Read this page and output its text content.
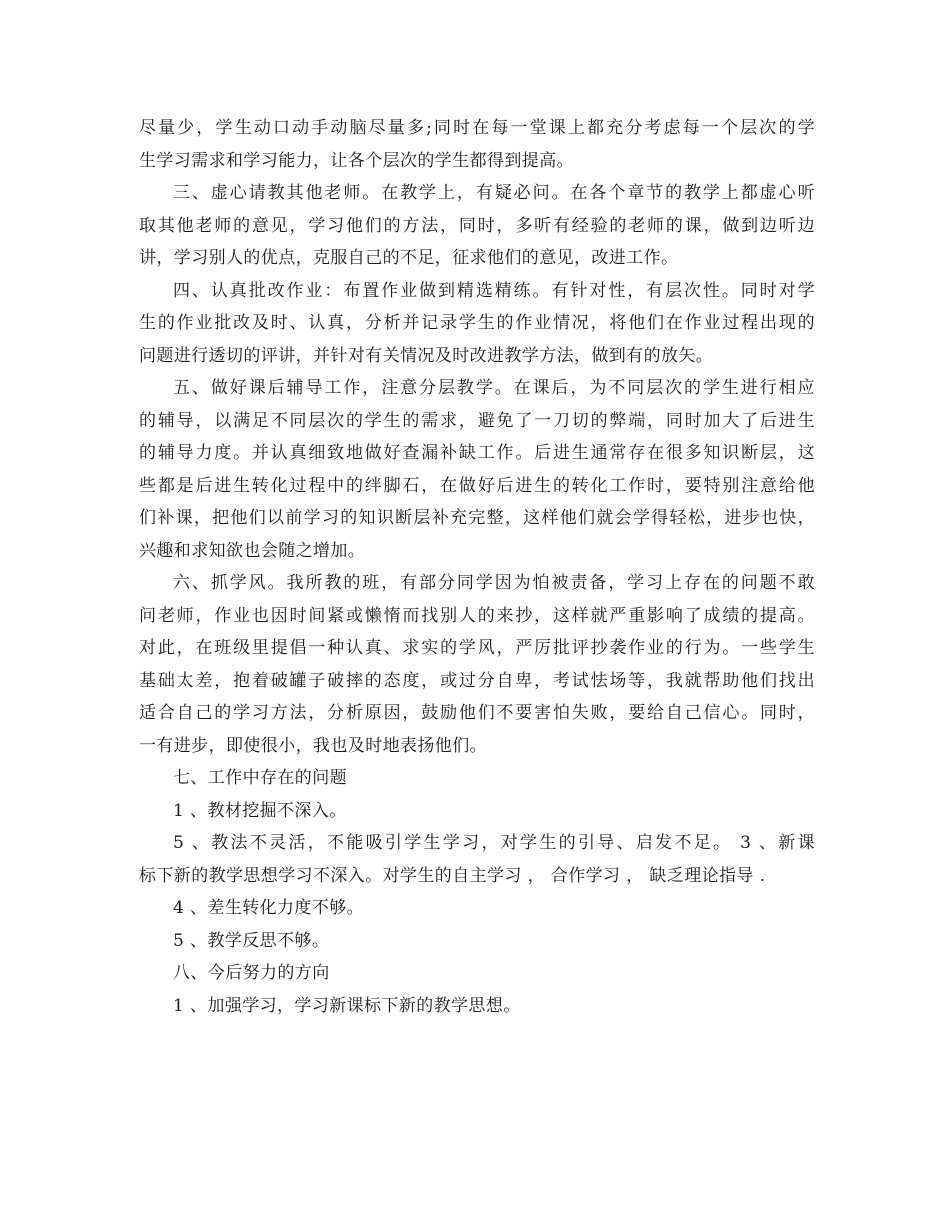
尽量少，学生动口动手动脑尽量多;同时在每一堂课上都充分考虑每一个层次的学
生学习需求和学习能力，让各个层次的学生都得到提高。
三、虚心请教其他老师。在教学上，有疑必问。在各个章节的教学上都虚心听
取其他老师的意见，学习他们的方法，同时，多听有经验的老师的课，做到边听边
讲，学习别人的优点，克服自己的不足，征求他们的意见，改进工作。
四、认真批改作业：布置作业做到精选精练。有针对性，有层次性。同时对学
生的作业批改及时、认真，分析并记录学生的作业情况，将他们在作业过程出现的
问题进行透切的评讲，并针对有关情况及时改进教学方法，做到有的放矢。
五、做好课后辅导工作，注意分层教学。在课后，为不同层次的学生进行相应
的辅导，以满足不同层次的学生的需求，避免了一刀切的弊端，同时加大了后进生
的辅导力度。并认真细致地做好查漏补缺工作。后进生通常存在很多知识断层，这
些都是后进生转化过程中的绊脚石，在做好后进生的转化工作时，要特别注意给他
们补课，把他们以前学习的知识断层补充完整，这样他们就会学得轻松，进步也快，
兴趣和求知欲也会随之增加。
六、抓学风。我所教的班，有部分同学因为怕被责备，学习上存在的问题不敢
问老师，作业也因时间紧或懒惰而找别人的来抄，这样就严重影响了成绩的提高。
对此，在班级里提倡一种认真、求实的学风，严厉批评抄袭作业的行为。一些学生
基础太差，抱着破罐子破摔的态度，或过分自卑，考试怯场等，我就帮助他们找出
适合自己的学习方法，分析原因，鼓励他们不要害怕失败，要给自己信心。同时，
一有进步，即使很小，我也及时地表扬他们。
七、工作中存在的问题
1 、教材挖掘不深入。
5 、教法不灵活，不能吸引学生学习，对学生的引导、启发不足。 3 、新课
标下新的教学思想学习不深入。对学生的自主学习 ， 合作学习 ， 缺乏理论指导 .
4 、差生转化力度不够。
5 、教学反思不够。
八、今后努力的方向
1 、加强学习，学习新课标下新的教学思想。
